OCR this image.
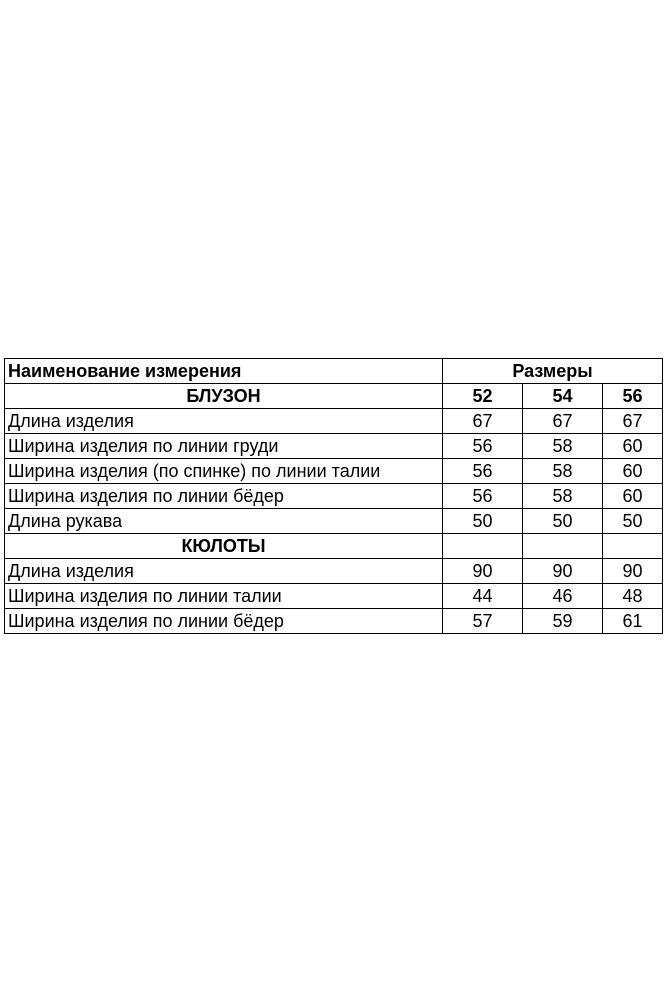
Наименование измерения	Размеры		
БЛУЗОН	52	54	56
Длина изделия	67	67	67
Ширина изделия по линии груди	56	58	60
Ширина изделия (по спинке) по линии талии	56	58	60
Ширина изделия по линии бёдер	56	58	60
Длина рукава	50	50	50
КЮЛОТЫ			
Длина изделия	90	90	90
Ширина изделия по линии талии	44	46	48
Ширина изделия по линии бёдер	57	59	61
